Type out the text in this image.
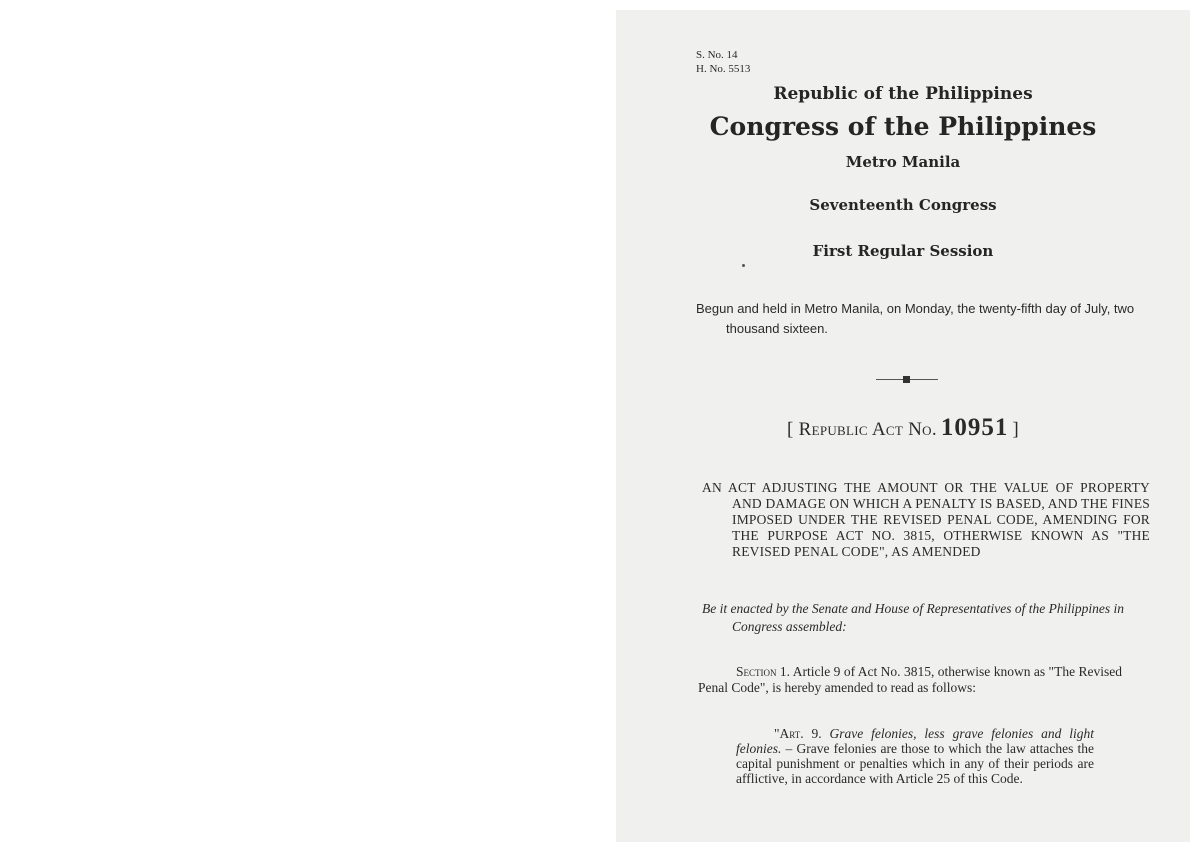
S. No. 14

H. No. 5513

Republic of the Philippines

Congress of the Philippines

Metro Manila

Seventeenth Congress

First Regular Session

Begun and held in Metro Manila, on Monday, the twenty-fifth day of July, two thousand sixteen.

[ Republic Act No. 10951 ]

AN ACT ADJUSTING THE AMOUNT OR THE VALUE OF PROPERTY AND DAMAGE ON WHICH A PENALTY IS BASED, AND THE FINES IMPOSED UNDER THE REVISED PENAL CODE, AMENDING FOR THE PURPOSE ACT NO. 3815, OTHERWISE KNOWN AS "THE REVISED PENAL CODE", AS AMENDED

Be it enacted by the Senate and House of Representatives of the Philippines in Congress assembled:

Section 1. Article 9 of Act No. 3815, otherwise known as "The Revised Penal Code", is hereby amended to read as follows:

"Art. 9. Grave felonies, less grave felonies and light felonies. – Grave felonies are those to which the law attaches the capital punishment or penalties which in any of their periods are afflictive, in accordance with Article 25 of this Code.
